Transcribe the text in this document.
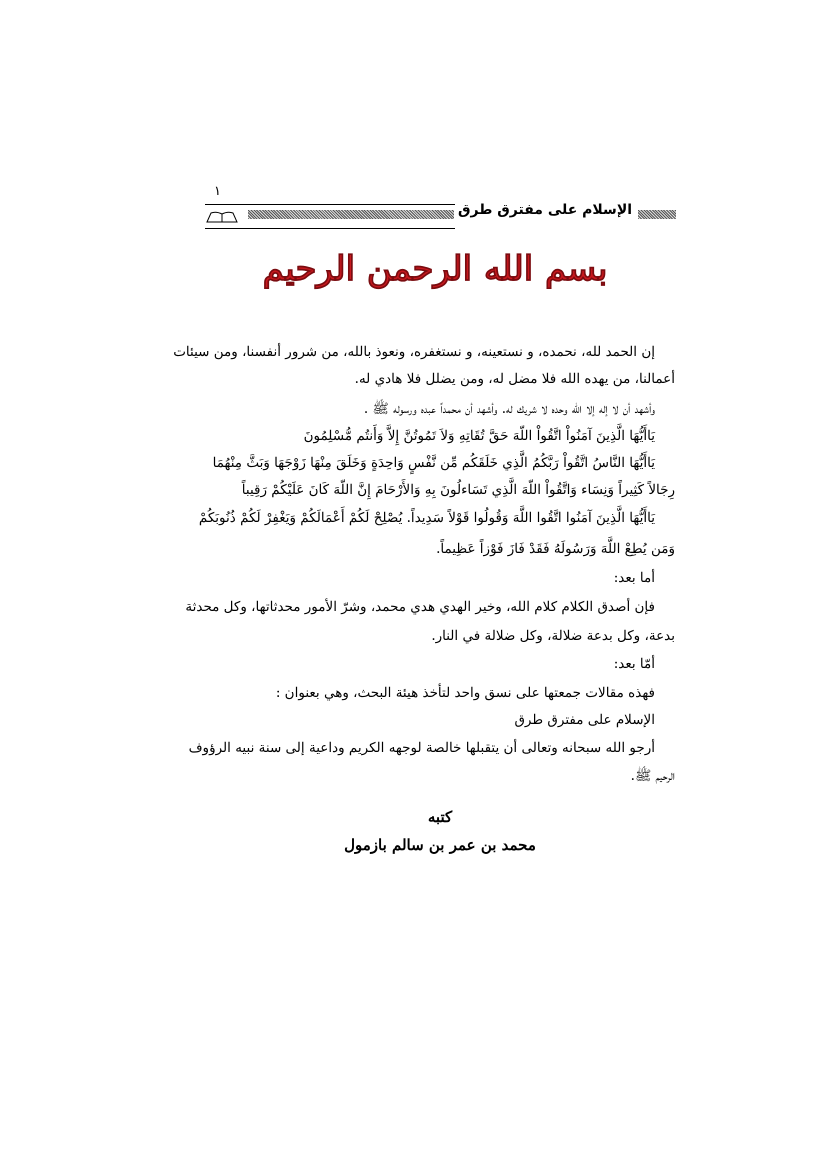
١
الإسلام على مفترق طرق
بسم الله الرحمن الرحيم
إن الحمد لله، نحمده، و نستعينه، و نستغفره، ونعوذ بالله، من شرور أنفسنا، ومن سيئات
أعمالنا، من يهده الله فلا مضل له، ومن يضلل فلا هادي له.
وأشهد أن لا إله إلا الله وحده لا شريك له. وأشهد أن محمداً عبده ورسوله ﷺ .
يَاأَيُّهَا الَّذِينَ آمَنُواْ اتَّقُواْ اللّهَ حَقَّ تُقَاتِهِ وَلاَ تَمُوتُنَّ إِلاَّ وَأَنتُم مُّسْلِمُونَ
يَاأَيُّهَا النَّاسُ اتَّقُواْ رَبَّكُمُ الَّذِي خَلَقَكُم مِّن نَّفْسٍ وَاحِدَةٍ وَخَلَقَ مِنْهَا زَوْجَهَا وَبَثَّ مِنْهُمَا
رِجَالاً كَثِيراً وَنِسَاء وَاتَّقُواْ اللّهَ الَّذِي تَسَاءلُونَ بِهِ وَالأَرْحَامَ إِنَّ اللّهَ كَانَ عَلَيْكُمْ رَقِيباً
يَاأَيُّهَا الَّذِينَ آمَنُوا اتَّقُوا اللَّهَ وَقُولُوا قَوْلاً سَدِيداً. يُصْلِحْ لَكُمْ أَعْمَالَكُمْ وَيَغْفِرْ لَكُمْ ذُنُوبَكُمْ
وَمَن يُطِعْ اللَّهَ وَرَسُولَهُ فَقَدْ فَازَ فَوْزاً عَظِيماً.
أما بعد:
فإن أصدق الكلام كلام الله، وخير الهدي هدي محمد، وشرّ الأمور محدثاتها، وكل محدثة
بدعة، وكل بدعة ضلالة، وكل ضلالة في النار.
أمّا بعد:
فهذه مقالات جمعتها على نسق واحد لتأخذ هيئة البحث، وهي بعنوان :
الإسلام على مفترق طرق
أرجو الله سبحانه وتعالى أن يتقبلها خالصة لوجهه الكريم وداعية إلى سنة نبيه الرؤوف
الرحيم ﷺ.
كتبه
محمد بن عمر بن سالم بازمول
